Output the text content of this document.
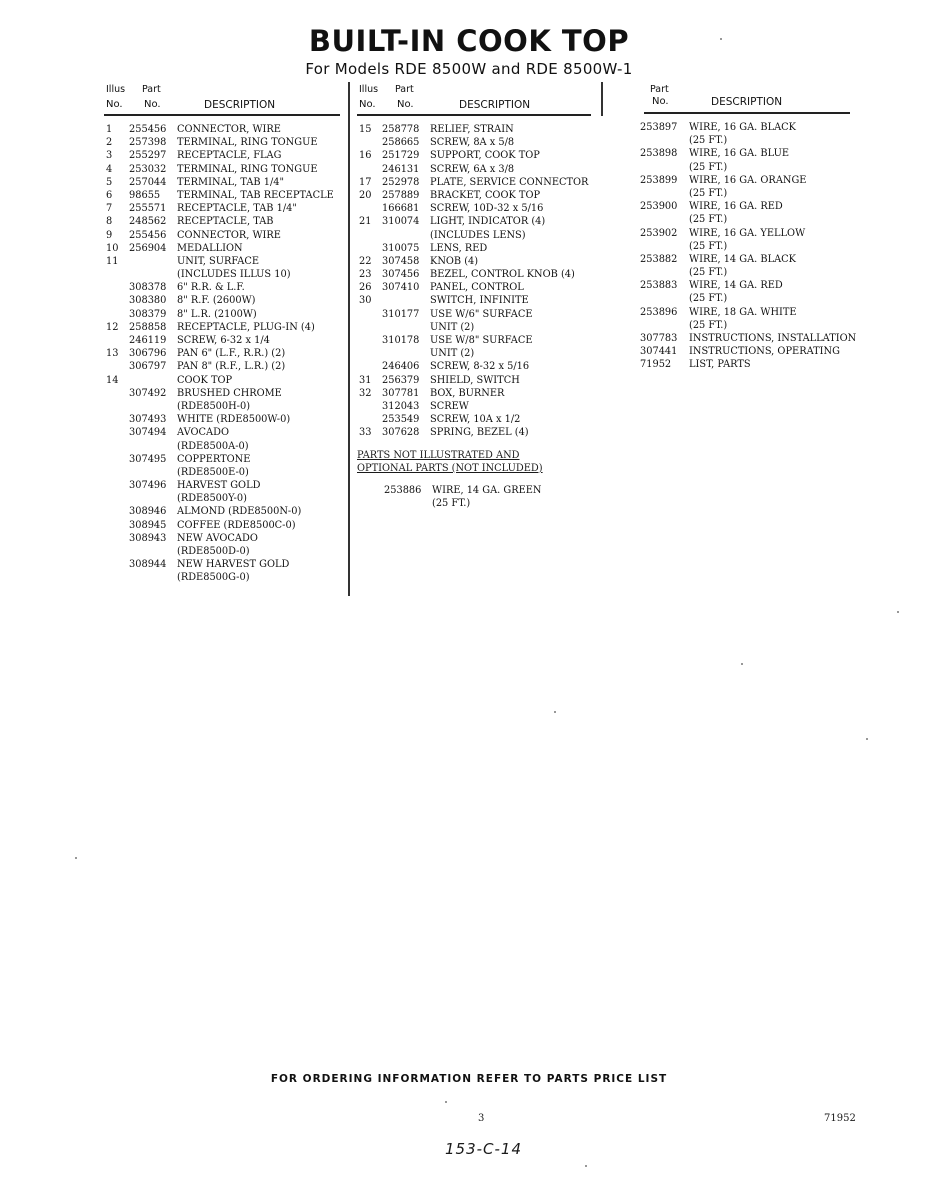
BUILT-IN COOK TOP
For Models RDE 8500W and RDE 8500W-1
Illus Part
No. No.	DESCRIPTION
1 255456 CONNECTOR, WIRE
2 257398 TERMINAL, RING TONGUE
3 255297 RECEPTACLE, FLAG
4 253032 TERMINAL, RING TONGUE
5 257044 TERMINAL, TAB 1/4"
6 98655 TERMINAL, TAB RECEPTACLE
7 255571 RECEPTACLE, TAB 1/4"
8 248562 RECEPTACLE, TAB
9 255456 CONNECTOR, WIRE
10 256904 MEDALLION
11	UNIT, SURFACE
(INCLUDES ILLUS 10)
308378 6" R.R. & L.F.
308380 8" R.F. (2600W)
308379 8" L.R. (2100W)
12 258858 RECEPTACLE, PLUG-IN (4)
246119 SCREW, 6-32 x 1/4
13 306796 PAN 6" (L.F., R.R.) (2)
306797 PAN 8" (R.F., L.R.) (2)
14	COOK TOP
307492 BRUSHED CHROME
(RDE8500H-0)
307493 WHITE (RDE8500W-0)
307494 AVOCADO
(RDE8500A-0)
307495 COPPERTONE
(RDE8500E-0)
307496 HARVEST GOLD
(RDE8500Y-0)
308946 ALMOND (RDE8500N-0)
308945 COFFEE (RDE8500C-0)
308943 NEW AVOCADO
(RDE8500D-0)
308944 NEW HARVEST GOLD
(RDE8500G-0)
Illus Part
No. No.	DESCRIPTION
15 258778 RELIEF, STRAIN
258665 SCREW, 8A x 5/8
16 251729 SUPPORT, COOK TOP
246131 SCREW, 6A x 3/8
17 252978 PLATE, SERVICE CONNECTOR
20 257889 BRACKET, COOK TOP
166681 SCREW, 10D-32 x 5/16
21 310074 LIGHT, INDICATOR (4)
(INCLUDES LENS)
310075 LENS, RED
22 307458 KNOB (4)
23 307456 BEZEL, CONTROL KNOB (4)
26 307410 PANEL, CONTROL
30	SWITCH, INFINITE
310177 USE W/6" SURFACE
UNIT (2)
310178 USE W/8" SURFACE
UNIT (2)
246406 SCREW, 8-32 x 5/16
31 256379 SHIELD, SWITCH
32 307781 BOX, BURNER
312043 SCREW
253549 SCREW, 10A x 1/2
33 307628 SPRING, BEZEL (4)
PARTS NOT ILLUSTRATED AND
OPTIONAL PARTS (NOT INCLUDED)
253886 WIRE, 14 GA. GREEN
(25 FT.)
Part
No.	DESCRIPTION
253897 WIRE, 16 GA. BLACK
(25 FT.)
253898 WIRE, 16 GA. BLUE
(25 FT.)
253899 WIRE, 16 GA. ORANGE
(25 FT.)
253900 WIRE, 16 GA. RED
(25 FT.)
253902 WIRE, 16 GA. YELLOW
(25 FT.)
253882 WIRE, 14 GA. BLACK
(25 FT.)
253883 WIRE, 14 GA. RED
(25 FT.)
253896 WIRE, 18 GA. WHITE
(25 FT.)
307783 INSTRUCTIONS, INSTALLATION
307441 INSTRUCTIONS, OPERATING
71952 LIST, PARTS
FOR ORDERING INFORMATION REFER TO PARTS PRICE LIST
3	71952
153-C-14
